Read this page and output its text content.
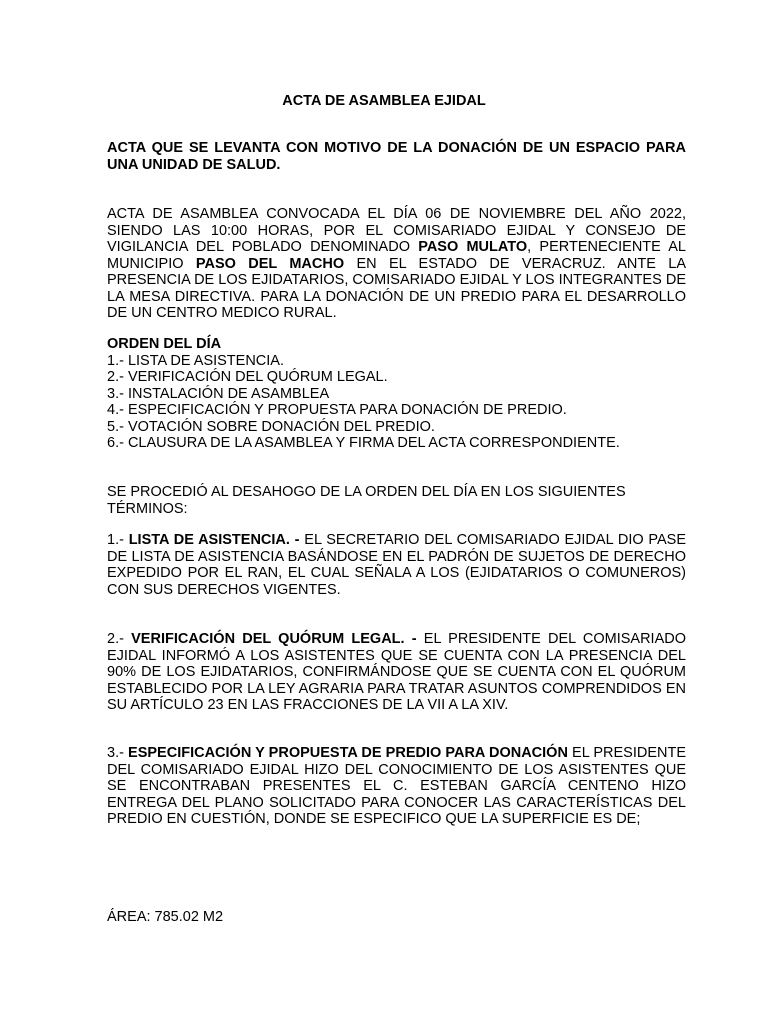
ACTA DE ASAMBLEA EJIDAL

ACTA QUE SE LEVANTA CON MOTIVO DE LA DONACIÓN DE UN ESPACIO PARA UNA UNIDAD DE SALUD.

ACTA DE ASAMBLEA CONVOCADA EL DÍA 06 DE NOVIEMBRE DEL AÑO 2022, SIENDO LAS 10:00 HORAS, POR EL COMISARIADO EJIDAL Y CONSEJO DE VIGILANCIA DEL POBLADO DENOMINADO PASO MULATO, PERTENECIENTE AL MUNICIPIO PASO DEL MACHO EN EL ESTADO DE VERACRUZ. ANTE LA PRESENCIA DE LOS EJIDATARIOS, COMISARIADO EJIDAL Y LOS INTEGRANTES DE LA MESA DIRECTIVA. PARA LA DONACIÓN DE UN PREDIO PARA EL DESARROLLO DE UN CENTRO MEDICO RURAL.

ORDEN DEL DÍA
1.- LISTA DE ASISTENCIA.
2.- VERIFICACIÓN DEL QUÓRUM LEGAL.
3.- INSTALACIÓN DE ASAMBLEA
4.- ESPECIFICACIÓN Y PROPUESTA PARA DONACIÓN DE PREDIO.
5.- VOTACIÓN SOBRE DONACIÓN DEL PREDIO.
6.- CLAUSURA DE LA ASAMBLEA Y FIRMA DEL ACTA CORRESPONDIENTE.

SE PROCEDIÓ AL DESAHOGO DE LA ORDEN DEL DÍA EN LOS SIGUIENTES TÉRMINOS:

1.- LISTA DE ASISTENCIA. - EL SECRETARIO DEL COMISARIADO EJIDAL DIO PASE DE LISTA DE ASISTENCIA BASÁNDOSE EN EL PADRÓN DE SUJETOS DE DERECHO EXPEDIDO POR EL RAN, EL CUAL SEÑALA A LOS (EJIDATARIOS O COMUNEROS) CON SUS DERECHOS VIGENTES.

2.- VERIFICACIÓN DEL QUÓRUM LEGAL. - EL PRESIDENTE DEL COMISARIADO EJIDAL INFORMÓ A LOS ASISTENTES QUE SE CUENTA CON LA PRESENCIA DEL 90% DE LOS EJIDATARIOS, CONFIRMÁNDOSE QUE SE CUENTA CON EL QUÓRUM ESTABLECIDO POR LA LEY AGRARIA PARA TRATAR ASUNTOS COMPRENDIDOS EN SU ARTÍCULO 23 EN LAS FRACCIONES DE LA VII A LA XIV.

3.- ESPECIFICACIÓN Y PROPUESTA DE PREDIO PARA DONACIÓN EL PRESIDENTE DEL COMISARIADO EJIDAL HIZO DEL CONOCIMIENTO DE LOS ASISTENTES QUE SE ENCONTRABAN PRESENTES EL C. ESTEBAN GARCÍA CENTENO HIZO ENTREGA DEL PLANO SOLICITADO PARA CONOCER LAS CARACTERÍSTICAS DEL PREDIO EN CUESTIÓN, DONDE SE ESPECIFICO QUE LA SUPERFICIE ES DE;

ÁREA: 785.02 M2
